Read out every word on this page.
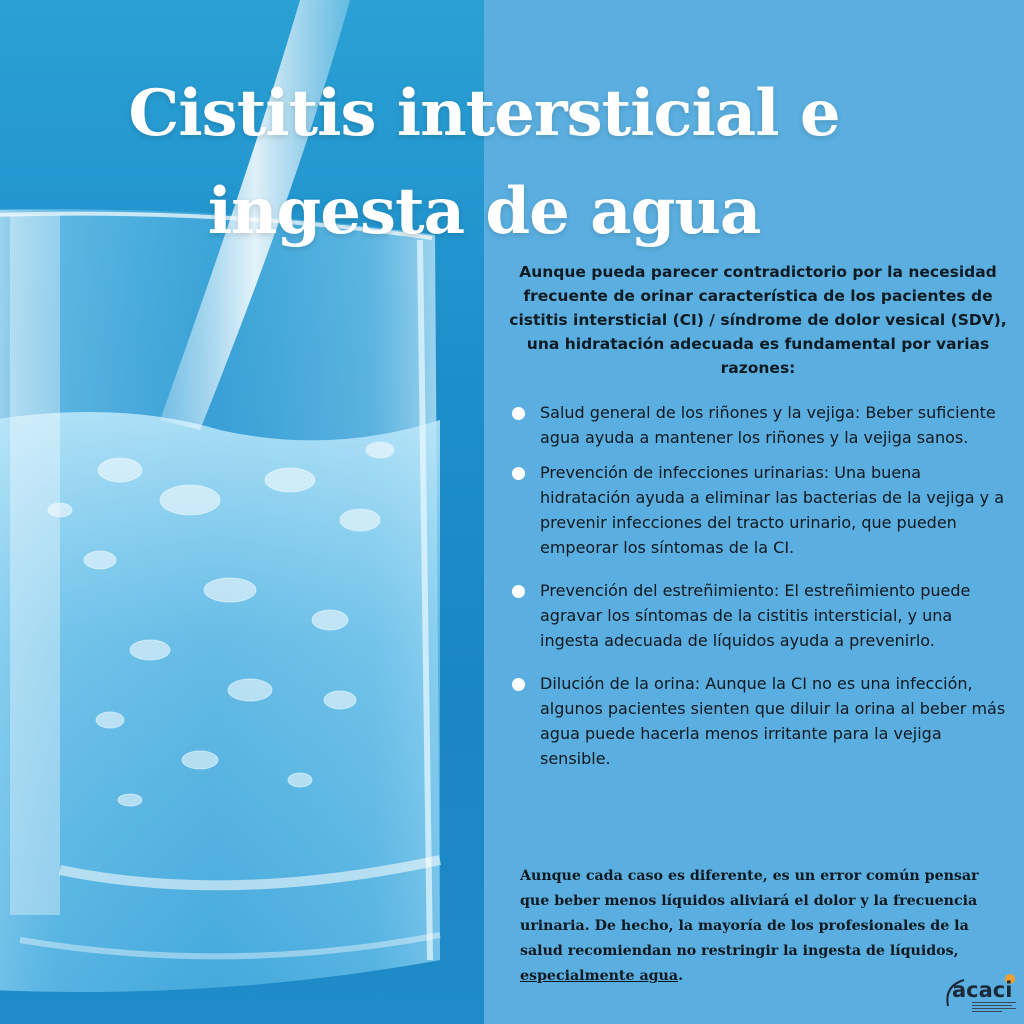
Cistitis intersticial e
ingesta de agua

Aunque pueda parecer contradictorio por la necesidad frecuente de orinar característica de los pacientes de cistitis intersticial (CI) / síndrome de dolor vesical (SDV), una hidratación adecuada es fundamental por varias razones:

Salud general de los riñones y la vejiga: Beber suficiente agua ayuda a mantener los riñones y la vejiga sanos.
Prevención de infecciones urinarias: Una buena hidratación ayuda a eliminar las bacterias de la vejiga y a prevenir infecciones del tracto urinario, que pueden empeorar los síntomas de la CI.
Prevención del estreñimiento: El estreñimiento puede agravar los síntomas de la cistitis intersticial, y una ingesta adecuada de líquidos ayuda a prevenirlo.
Dilución de la orina: Aunque la CI no es una infección, algunos pacientes sienten que diluir la orina al beber más agua puede hacerla menos irritante para la vejiga sensible.

Aunque cada caso es diferente, es un error común pensar que beber menos líquidos aliviará el dolor y la frecuencia urinaria. De hecho, la mayoría de los profesionales de la salud recomiendan no restringir la ingesta de líquidos, especialmente agua.

acaci
